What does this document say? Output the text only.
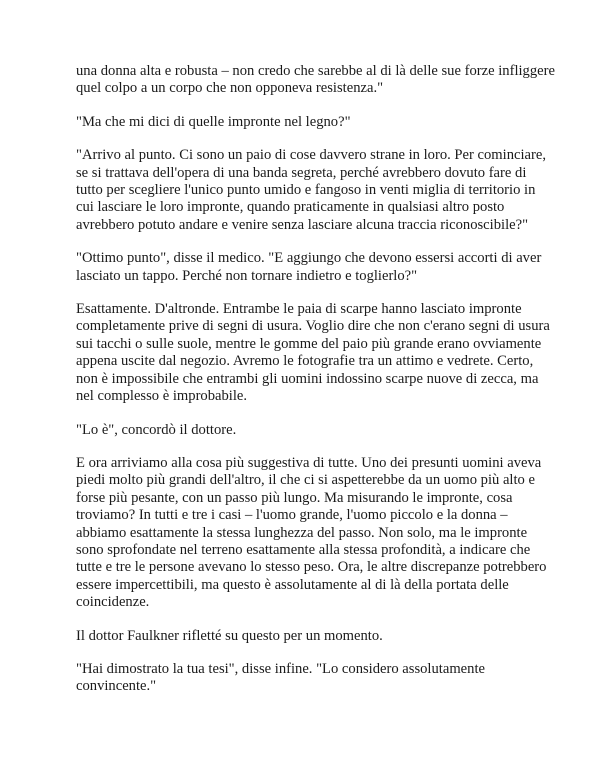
una donna alta e robusta – non credo che sarebbe al di là delle sue forze infliggere quel colpo a un corpo che non opponeva resistenza."

"Ma che mi dici di quelle impronte nel legno?"

"Arrivo al punto. Ci sono un paio di cose davvero strane in loro. Per cominciare, se si trattava dell'opera di una banda segreta, perché avrebbero dovuto fare di tutto per scegliere l'unico punto umido e fangoso in venti miglia di territorio in cui lasciare le loro impronte, quando praticamente in qualsiasi altro posto avrebbero potuto andare e venire senza lasciare alcuna traccia riconoscibile?"

"Ottimo punto", disse il medico. "E aggiungo che devono essersi accorti di aver lasciato un tappo. Perché non tornare indietro e toglierlo?"

Esattamente. D'altronde. Entrambe le paia di scarpe hanno lasciato impronte completamente prive di segni di usura. Voglio dire che non c'erano segni di usura sui tacchi o sulle suole, mentre le gomme del paio più grande erano ovviamente appena uscite dal negozio. Avremo le fotografie tra un attimo e vedrete. Certo, non è impossibile che entrambi gli uomini indossino scarpe nuove di zecca, ma nel complesso è improbabile.

"Lo è", concordò il dottore.

E ora arriviamo alla cosa più suggestiva di tutte. Uno dei presunti uomini aveva piedi molto più grandi dell'altro, il che ci si aspetterebbe da un uomo più alto e forse più pesante, con un passo più lungo. Ma misurando le impronte, cosa troviamo? In tutti e tre i casi – l'uomo grande, l'uomo piccolo e la donna – abbiamo esattamente la stessa lunghezza del passo. Non solo, ma le impronte sono sprofondate nel terreno esattamente alla stessa profondità, a indicare che tutte e tre le persone avevano lo stesso peso. Ora, le altre discrepanze potrebbero essere impercettibili, ma questo è assolutamente al di là della portata delle coincidenze.

Il dottor Faulkner rifletté su questo per un momento.

"Hai dimostrato la tua tesi", disse infine. "Lo considero assolutamente convincente."
